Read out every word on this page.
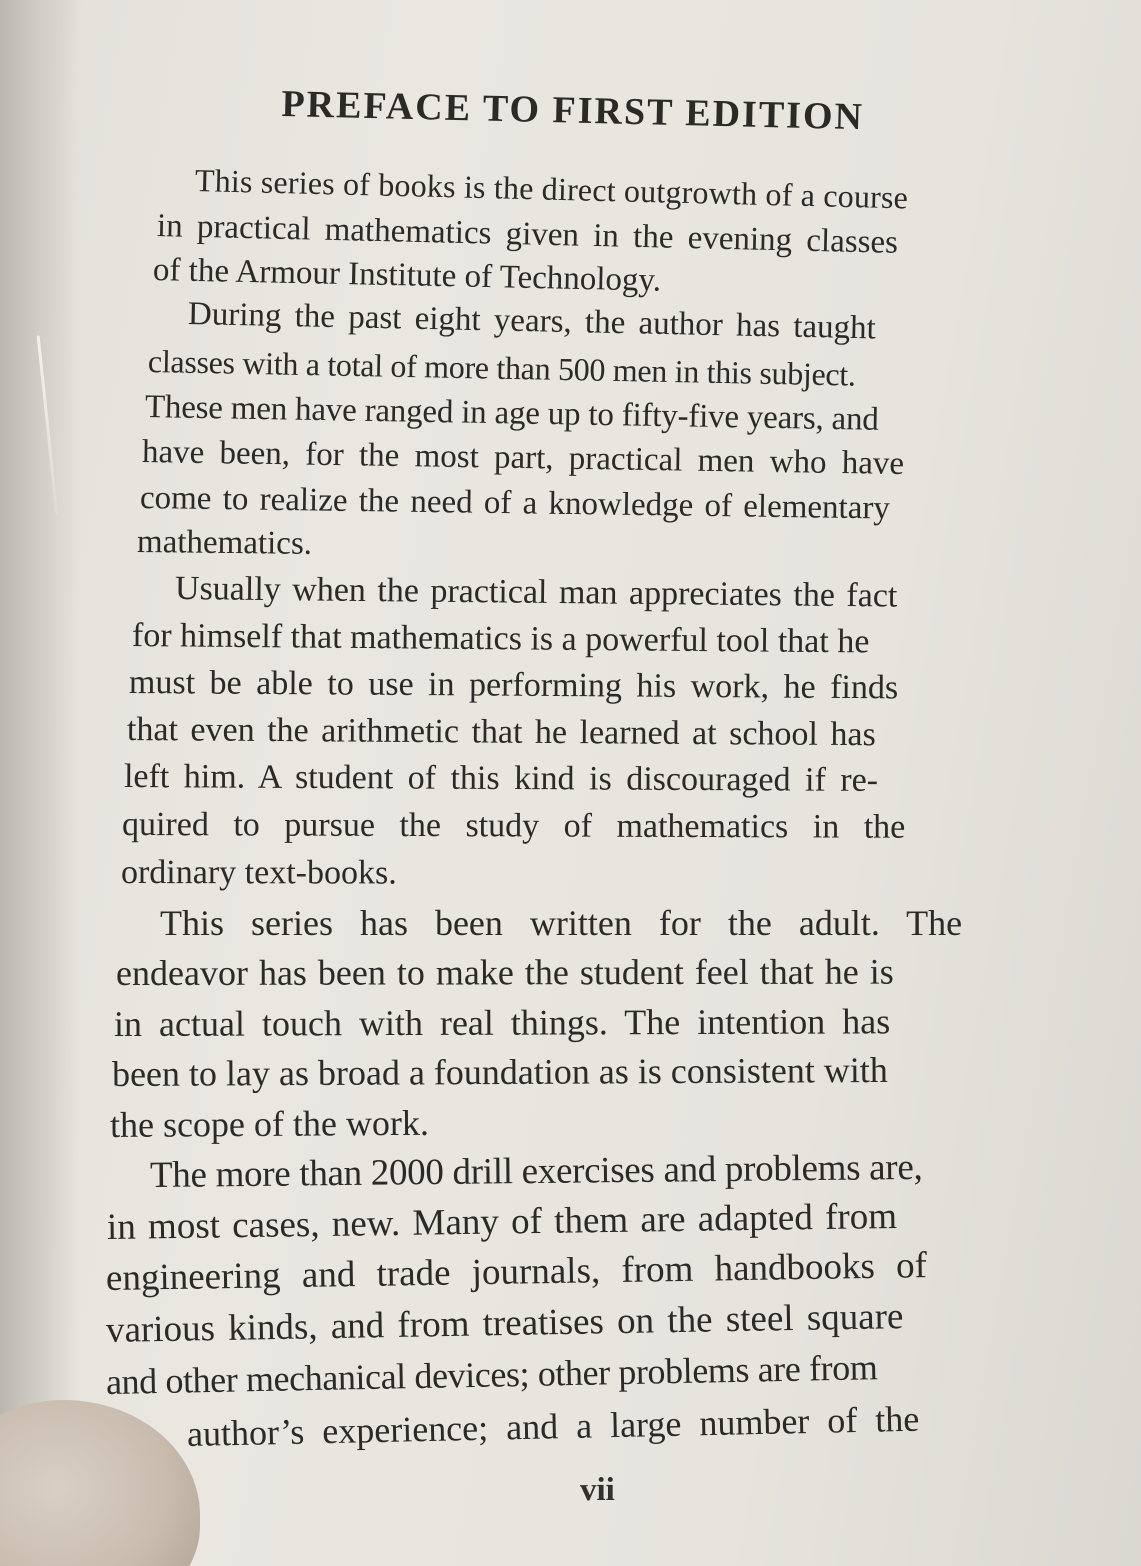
PREFACE TO FIRST EDITION
This series of books is the direct outgrowth of a course
in practical mathematics given in the evening classes
of the Armour Institute of Technology.
During the past eight years, the author has taught
classes with a total of more than 500 men in this subject.
These men have ranged in age up to fifty-five years, and
have been, for the most part, practical men who have
come to realize the need of a knowledge of elementary
mathematics.
Usually when the practical man appreciates the fact
for himself that mathematics is a powerful tool that he
must be able to use in performing his work, he finds
that even the arithmetic that he learned at school has
left him. A student of this kind is discouraged if re-
quired to pursue the study of mathematics in the
ordinary text-books.
This series has been written for the adult. The
endeavor has been to make the student feel that he is
in actual touch with real things. The intention has
been to lay as broad a foundation as is consistent with
the scope of the work.
The more than 2000 drill exercises and problems are,
in most cases, new. Many of them are adapted from
engineering and trade journals, from handbooks of
various kinds, and from treatises on the steel square
and other mechanical devices; other problems are from
author’s experience; and a large number of the
vii
